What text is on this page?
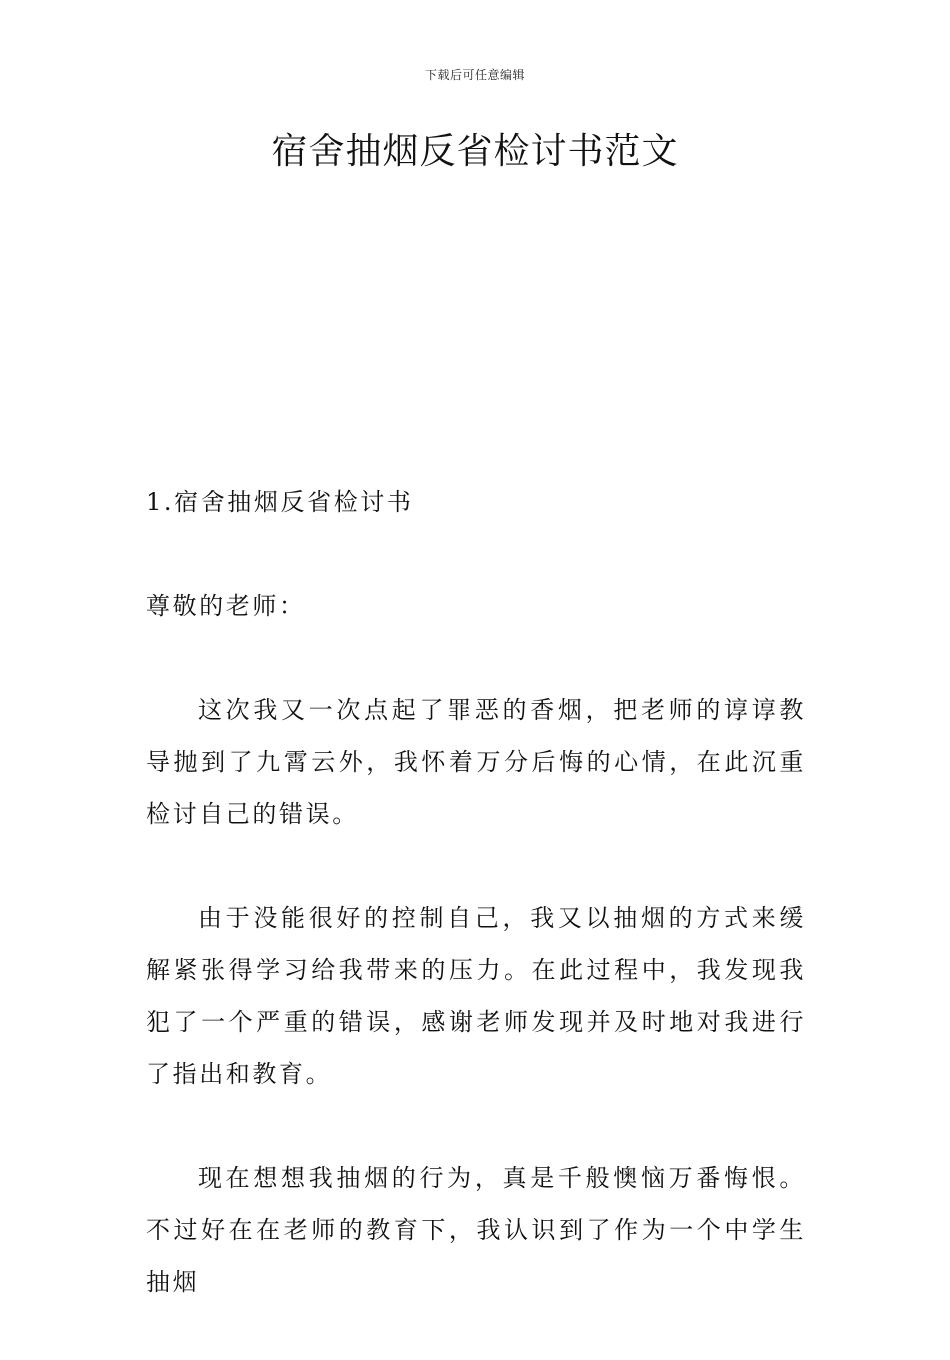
下载后可任意编辑
宿舍抽烟反省检讨书范文

1.宿舍抽烟反省检讨书

尊敬的老师：

这次我又一次点起了罪恶的香烟，把老师的谆谆教导抛到了九霄云外，我怀着万分后悔的心情，在此沉重检讨自己的错误。

由于没能很好的控制自己，我又以抽烟的方式来缓解紧张得学习给我带来的压力。在此过程中，我发现我犯了一个严重的错误，感谢老师发现并及时地对我进行了指出和教育。

现在想想我抽烟的行为，真是千般懊恼万番悔恨。不过好在在老师的教育下，我认识到了作为一个中学生抽烟
